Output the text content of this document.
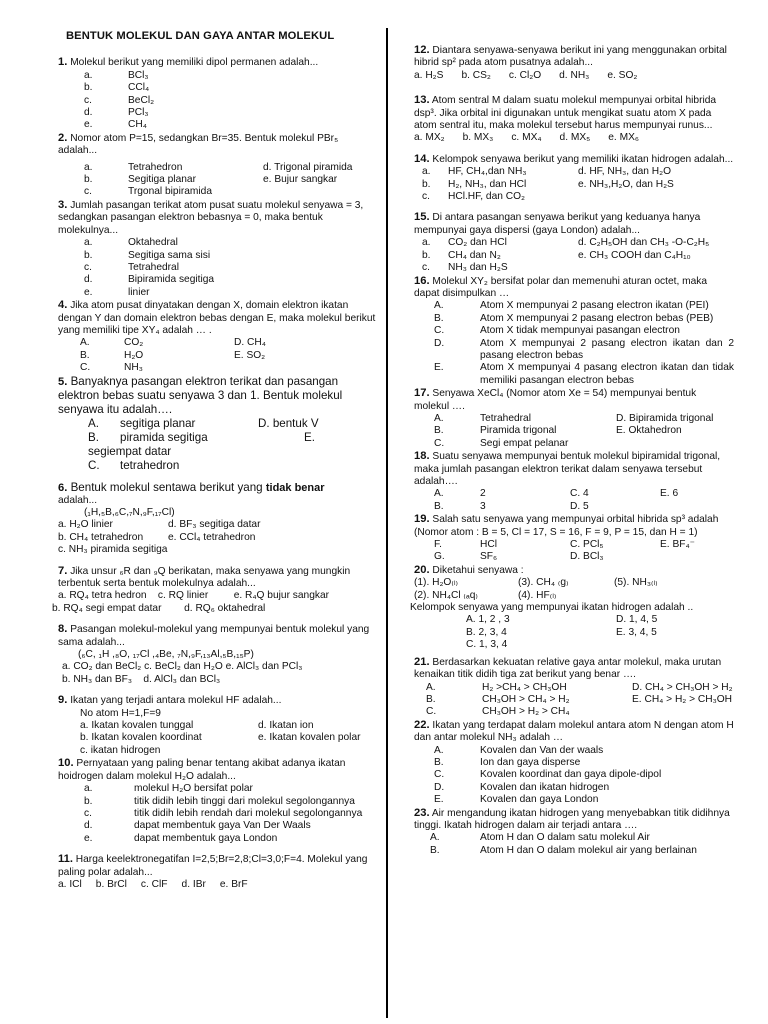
BENTUK MOLEKUL DAN GAYA ANTAR MOLEKUL
1. Molekul berikut yang memiliki dipol permanen adalah...
a.	BCl₃
b.	CCl₄
c.	BeCl₂
d.	PCl₃
e.	CH₄
2. Nomor atom P=15, sedangkan Br=35. Bentuk molekul PBr₅ adalah...
a.	Tetrahedron	d. Trigonal piramida
b.	Segitiga planar	e. Bujur sangkar
c.	Trgonal bipiramida
3. Jumlah pasangan terikat atom pusat suatu molekul senyawa = 3, sedangkan pasangan elektron bebasnya = 0, maka bentuk molekulnya...
a.	Oktahedral
b.	Segitiga sama sisi
c.	Tetrahedral
d.	Bipiramida segitiga
e.	linier
4. Jika atom pusat dinyatakan dengan X, domain elektron ikatan dengan Y dan domain elektron bebas dengan E, maka molekul berikut yang memiliki tipe XY₄ adalah … .
A.	CO₂	D. CH₄
B.	H₂O	E. SO₂
C.	NH₃
5. Banyaknya pasangan elektron terikat dan pasangan elektron bebas suatu senyawa 3 dan 1. Bentuk molekul senyawa itu adalah….
A.	segitiga planar	D. bentuk V
B.	piramida segitiga	E.
segiempat datar
C.	tetrahedron
6. Bentuk molekul sentawa berikut yang tidak benar
adalah...
(₁H,₅B,₆C,₇N,₉F,₁₇Cl)
a. H₂O linier	d. BF₃ segitiga datar
b. CH₄ tetrahedron	e. CCl₄ tetrahedron
c. NH₃ piramida segitiga
7. Jika unsur ₆R dan ₉Q berikatan, maka senyawa yang mungkin terbentuk serta bentuk molekulnya adalah...
a. RQ₄ tetra hedron    c. RQ linier         e. R₄Q bujur sangkar
b. RQ₄ segi empat datar        d. RQ₆ oktahedral
8. Pasangan molekul-molekul yang mempunyai bentuk molekul yang sama adalah...
(₆C, ₁H ,₈O, ₁₇Cl ,₄Be, ₇N,₉F,₁₃Al,₅B,₁₅P)
a. CO₂ dan BeCl₂ c. BeCl₂ dan H₂O e. AlCl₃ dan PCl₃
b. NH₃ dan BF₃    d. AlCl₃ dan BCl₃
9. Ikatan yang terjadi antara molekul HF adalah...
No atom H=1,F=9
a. Ikatan kovalen tunggal	d. Ikatan ion
b. Ikatan kovalen koordinat	e. Ikatan kovalen polar
c. ikatan hidrogen
10. Pernyataan yang paling benar tentang akibat adanya ikatan hoidrogen dalam molekul H₂O adalah...
a.	molekul H₂O bersifat polar
b.	titik didih lebih tinggi dari molekul segolongannya
c.	titik didih lebih rendah dari molekul segolongannya
d.	dapat membentuk gaya Van Der Waals
e.	dapat membentuk gaya London
11. Harga keelektronegatifan I=2,5;Br=2,8;Cl=3,0;F=4. Molekul yang paling polar adalah...
a. ICl b. BrCl c. ClF d. IBr e. BrF
12. Diantara senyawa-senyawa berikut ini yang menggunakan orbital hibrid sp² pada atom pusatnya adalah...
a. H₂S b. CS₂ c. Cl₂O d. NH₃ e. SO₂
13. Atom sentral M dalam suatu molekul mempunyai orbital hibrida dsp³. Jika orbital ini digunakan untuk mengikat suatu atom X pada atom sentral itu, maka molekul tersebut harus mempunyai runus...
a. MX₂ b. MX₃ c. MX₄ d. MX₅ e. MX₆
14. Kelompok senyawa berikut yang memiliki ikatan hidrogen adalah...
a.	HF, CH₄,dan NH₃	d. HF, NH₃, dan H₂O
b.	H₂, NH₃, dan HCl	e. NH₃,H₂O, dan H₂S
c.	HCl.HF, dan CO₂
15. Di antara pasangan senyawa berikut yang keduanya hanya mempunyai gaya dispersi (gaya London) adalah...
a.	CO₂ dan HCl	d. C₂H₅OH dan CH₃ -O-C₂H₅
b.	CH₄ dan N₂	e. CH₃ COOH dan C₄H₁₀
c.	NH₃ dan H₂S
16. Molekul XY₂ bersifat polar dan memenuhi aturan octet, maka dapat disimpulkan …
A.	Atom X mempunyai 2 pasang electron ikatan (PEI)
B.	Atom X mempunyai 2 pasang electron bebas (PEB)
C.	Atom X tidak mempunyai pasangan electron
D.	Atom X mempunyai 2 pasang electron ikatan dan 2 pasang electron bebas
E.	Atom X mempunyai 4 pasang electron ikatan dan tidak memiliki pasangan electron bebas
17. Senyawa XeCl₄ (Nomor atom Xe = 54) mempunyai bentuk molekul ….
A.	Tetrahedral	D. Bipiramida trigonal
B.	Piramida trigonal	E. Oktahedron
C.	Segi empat pelanar
18. Suatu senyawa mempunyai bentuk molekul bipiramidal trigonal, maka jumlah pasangan elektron terikat dalam senyawa tersebut adalah….
A.	2	C. 4	E. 6
B.	3	D. 5
19. Salah satu senyawa yang mempunyai orbital hibrida sp³ adalah (Nomor atom : B = 5, Cl = 17, S = 16, F = 9, P = 15, dan H = 1)
F.	HCl	C. PCl₅	E. BF₄⁻
G.	SF₆	D. BCl₃
20. Diketahui senyawa :
(1). H₂O₍ₗ₎	(3). CH₄ ₍g₎	(5). NH₃₍ₗ₎
(2). NH₄Cl ₍ₐq₎	(4). HF₍ₗ₎
Kelompok senyawa yang mempunyai ikatan hidrogen adalah ..
A. 1, 2 , 3	D. 1, 4, 5
B. 2, 3, 4	E. 3, 4, 5
C. 1, 3, 4
21. Berdasarkan kekuatan relative gaya antar molekul, maka urutan kenaikan titik didih tiga zat berikut yang benar ….
A.	H₂ >CH₄ > CH₃OH	D. CH₄ > CH₃OH > H₂
B.	CH₃OH > CH₄ > H₂	E. CH₄ > H₂ > CH₃OH
C.	CH₃OH > H₂ > CH₄
22. Ikatan yang terdapat dalam molekul antara atom N dengan atom H dan antar molekul NH₃ adalah …
A.	Kovalen dan Van der waals
B.	Ion dan gaya disperse
C.	Kovalen koordinat dan gaya dipole-dipol
D.	Kovalen dan ikatan hidrogen
E.	Kovalen dan gaya London
23. Air mengandung ikatan hidrogen yang menyebabkan titik didihnya tinggi. Ikatah hidrogen dalam air terjadi antara ….
A.	Atom H dan O dalam satu molekul Air
B.	Atom H dan O dalam molekul air yang berlainan
